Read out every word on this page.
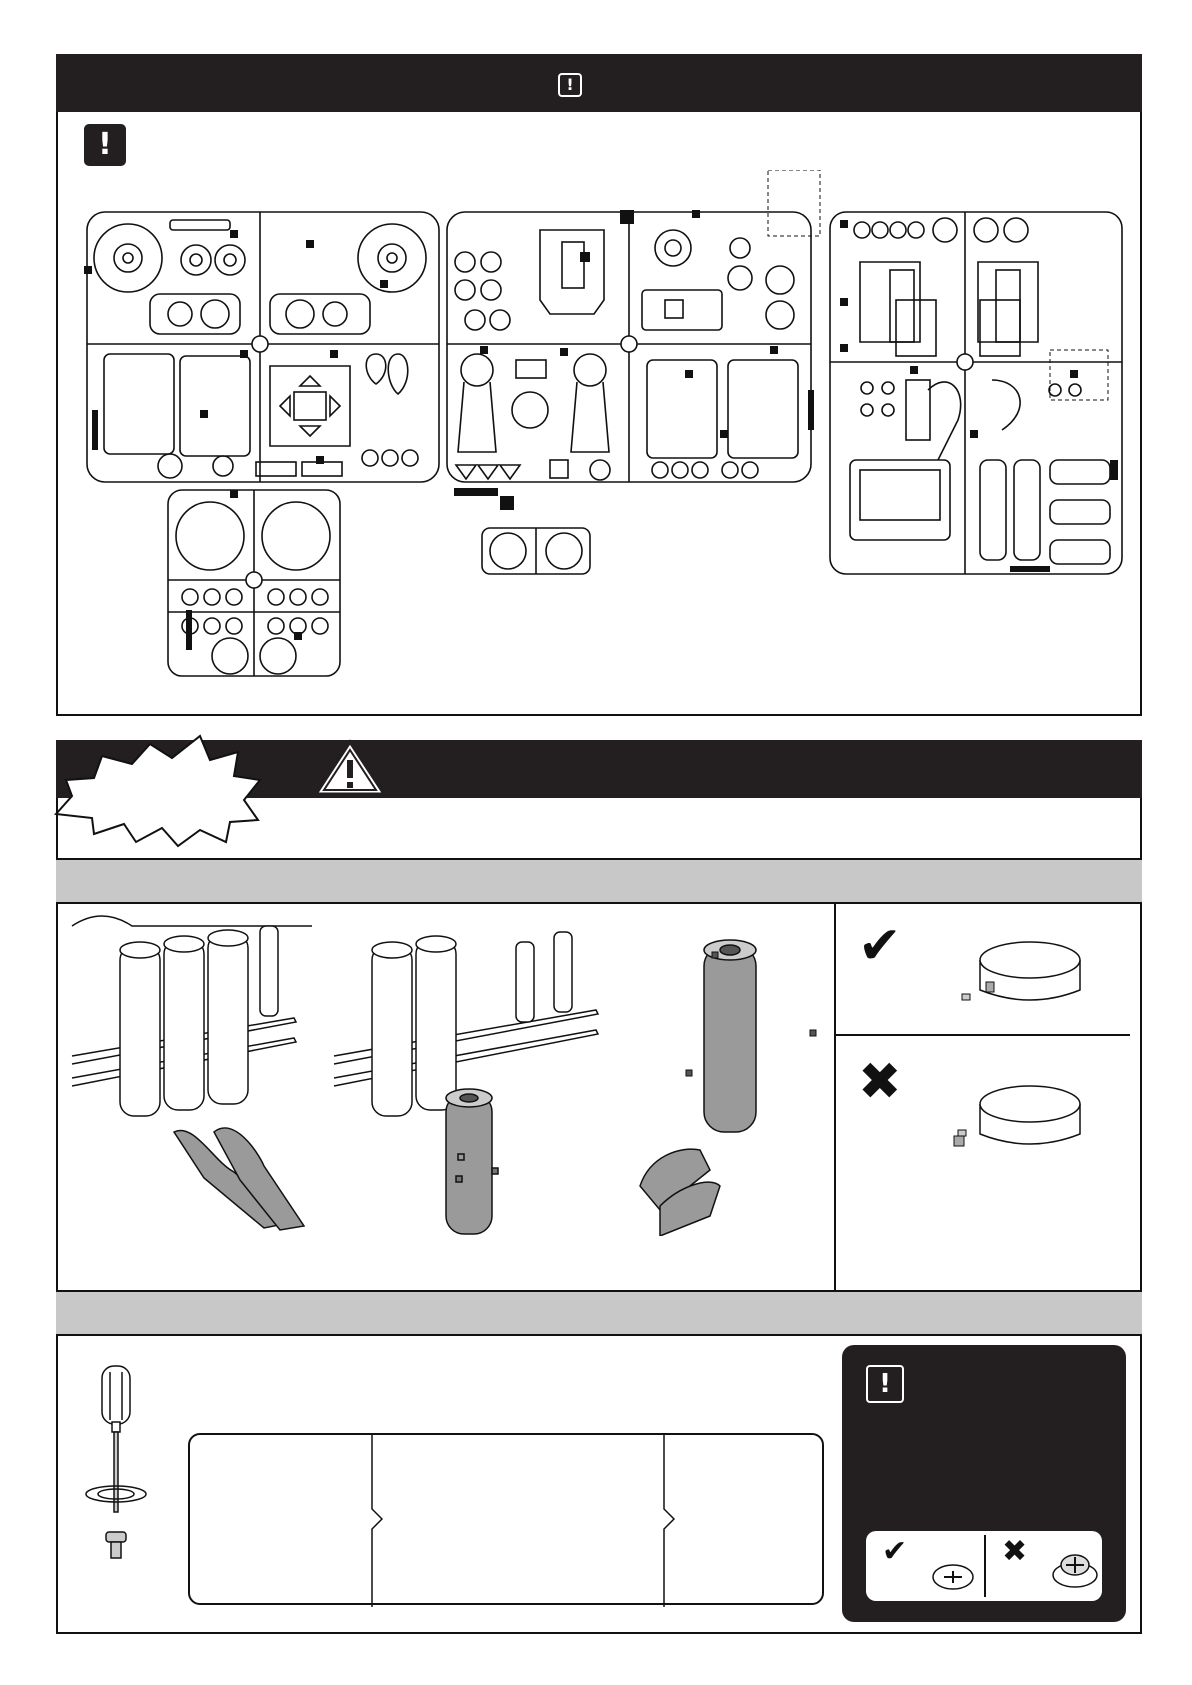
!
!
✔
✖
!
✔	✖
